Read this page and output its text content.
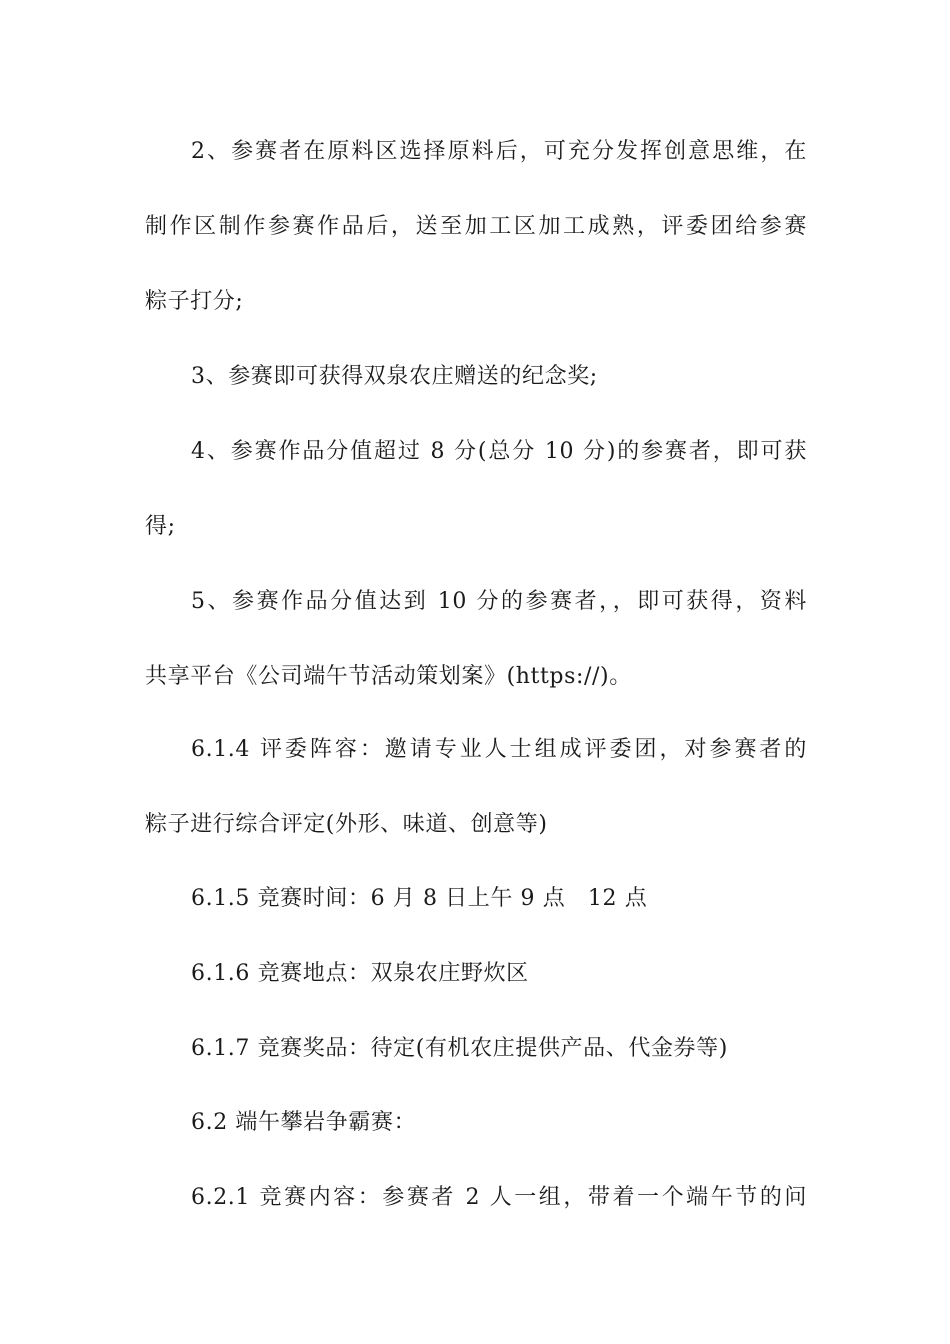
2、参赛者在原料区选择原料后，可充分发挥创意思维，在
制作区制作参赛作品后，送至加工区加工成熟，评委团给参赛
粽子打分;
3、参赛即可获得双泉农庄赠送的纪念奖;
4、参赛作品分值超过 8 分(总分 10 分)的参赛者，即可获
得;
5、参赛作品分值达到 10 分的参赛者，，即可获得，资料
共享平台《公司端午节活动策划案》(https://)。
6.1.4 评委阵容：邀请专业人士组成评委团，对参赛者的
粽子进行综合评定(外形、味道、创意等)
6.1.5 竞赛时间：6 月 8 日上午 9 点　12 点
6.1.6 竞赛地点：双泉农庄野炊区
6.1.7 竞赛奖品：待定(有机农庄提供产品、代金券等)
6.2 端午攀岩争霸赛：
6.2.1 竞赛内容：参赛者 2 人一组，带着一个端午节的问
